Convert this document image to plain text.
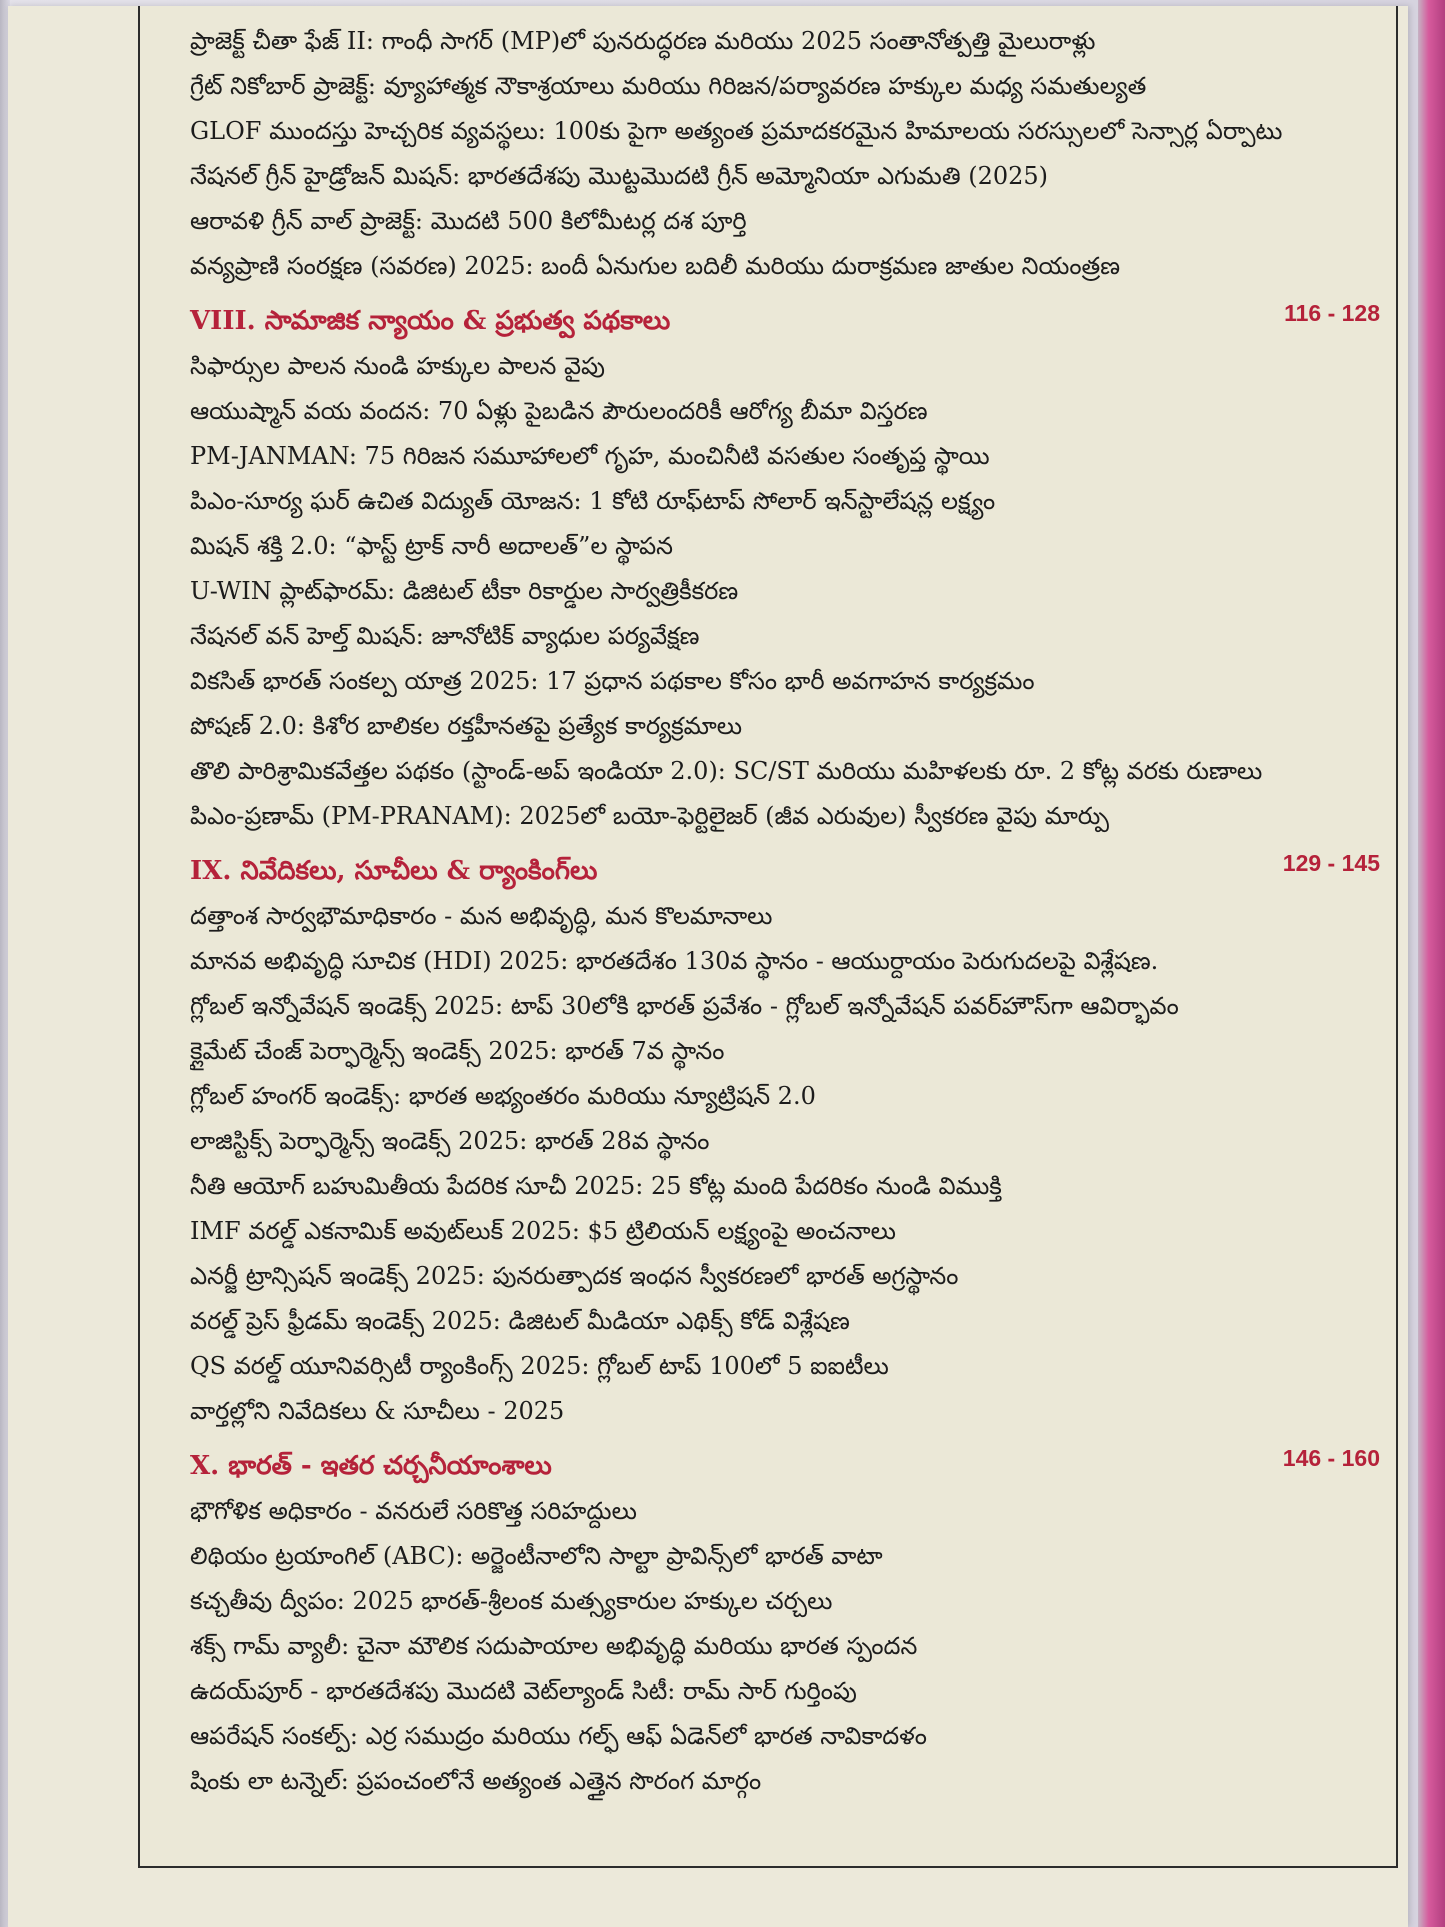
ప్రాజెక్ట్ చీతా ఫేజ్ II: గాంధీ సాగర్ (MP)లో పునరుద్ధరణ మరియు 2025 సంతానోత్పత్తి మైలురాళ్లు
గ్రేట్ నికోబార్ ప్రాజెక్ట్: వ్యూహాత్మక నౌకాశ్రయాలు మరియు గిరిజన/పర్యావరణ హక్కుల మధ్య సమతుల్యత
GLOF ముందస్తు హెచ్చరిక వ్యవస్థలు: 100కు పైగా అత్యంత ప్రమాదకరమైన హిమాలయ సరస్సులలో సెన్సార్ల ఏర్పాటు
నేషనల్ గ్రీన్ హైడ్రోజన్ మిషన్: భారతదేశపు మొట్టమొదటి గ్రీన్ అమ్మోనియా ఎగుమతి (2025)
ఆరావళి గ్రీన్ వాల్ ప్రాజెక్ట్: మొదటి 500 కిలోమీటర్ల దశ పూర్తి
వన్యప్రాణి సంరక్షణ (సవరణ) 2025: బందీ ఏనుగుల బదిలీ మరియు దురాక్రమణ జాతుల నియంత్రణ
VIII. సామాజిక న్యాయం & ప్రభుత్వ పథకాలు	116 - 128
సిఫార్సుల పాలన నుండి హక్కుల పాలన వైపు
ఆయుష్మాన్ వయ వందన: 70 ఏళ్లు పైబడిన పౌరులందరికీ ఆరోగ్య బీమా విస్తరణ
PM-JANMAN: 75 గిరిజన సమూహాలలో గృహ, మంచినీటి వసతుల సంతృప్త స్థాయి
పిఎం-సూర్య ఘర్ ఉచిత విద్యుత్ యోజన: 1 కోటి రూఫ్‌టాప్ సోలార్ ఇన్‌స్టాలేషన్ల లక్ష్యం
మిషన్ శక్తి 2.0: “ఫాస్ట్ ట్రాక్ నారీ అదాలత్”ల స్థాపన
U-WIN ప్లాట్‌ఫారమ్: డిజిటల్ టీకా రికార్డుల సార్వత్రికీకరణ
నేషనల్ వన్ హెల్త్ మిషన్: జూనోటిక్ వ్యాధుల పర్యవేక్షణ
వికసిత్ భారత్ సంకల్ప యాత్ర 2025: 17 ప్రధాన పథకాల కోసం భారీ అవగాహన కార్యక్రమం
పోషణ్ 2.0: కిశోర బాలికల రక్తహీనతపై ప్రత్యేక కార్యక్రమాలు
తొలి పారిశ్రామికవేత్తల పథకం (స్టాండ్-అప్ ఇండియా 2.0): SC/ST మరియు మహిళలకు రూ. 2 కోట్ల వరకు రుణాలు
పిఎం-ప్రణామ్ (PM-PRANAM): 2025లో బయో-ఫెర్టిలైజర్ (జీవ ఎరువుల) స్వీకరణ వైపు మార్పు
IX. నివేదికలు, సూచీలు & ర్యాంకింగ్‌లు	129 - 145
దత్తాంశ సార్వభౌమాధికారం - మన అభివృద్ధి, మన కొలమానాలు
మానవ అభివృద్ధి సూచిక (HDI) 2025: భారతదేశం 130వ స్థానం - ఆయుర్దాయం పెరుగుదలపై విశ్లేషణ.
గ్లోబల్ ఇన్నోవేషన్ ఇండెక్స్ 2025: టాప్ 30లోకి భారత్ ప్రవేశం - గ్లోబల్ ఇన్నోవేషన్ పవర్‌హౌస్‌గా ఆవిర్భావం
క్లైమేట్ చేంజ్ పెర్ఫార్మెన్స్ ఇండెక్స్ 2025: భారత్ 7వ స్థానం
గ్లోబల్ హంగర్ ఇండెక్స్: భారత అభ్యంతరం మరియు న్యూట్రిషన్ 2.0
లాజిస్టిక్స్ పెర్ఫార్మెన్స్ ఇండెక్స్ 2025: భారత్ 28వ స్థానం
నీతి ఆయోగ్ బహుమితీయ పేదరిక సూచీ 2025: 25 కోట్ల మంది పేదరికం నుండి విముక్తి
IMF వరల్డ్ ఎకనామిక్ అవుట్‌లుక్ 2025: $5 ట్రిలియన్ లక్ష్యంపై అంచనాలు
ఎనర్జీ ట్రాన్సిషన్ ఇండెక్స్ 2025: పునరుత్పాదక ఇంధన స్వీకరణలో భారత్ అగ్రస్థానం
వరల్డ్ ప్రెస్ ఫ్రీడమ్ ఇండెక్స్ 2025: డిజిటల్ మీడియా ఎథిక్స్ కోడ్ విశ్లేషణ
QS వరల్డ్ యూనివర్సిటీ ర్యాంకింగ్స్ 2025: గ్లోబల్ టాప్ 100లో 5 ఐఐటీలు
వార్తల్లోని నివేదికలు & సూచీలు - 2025
X. భారత్ - ఇతర చర్చనీయాంశాలు	146 - 160
భౌగోళిక అధికారం - వనరులే సరికొత్త సరిహద్దులు
లిథియం ట్రయాంగిల్ (ABC): అర్జెంటీనాలోని సాల్టా ప్రావిన్స్‌లో భారత్ వాటా
కచ్చతీవు ద్వీపం: 2025 భారత్-శ్రీలంక మత్స్యకారుల హక్కుల చర్చలు
శక్స్ గామ్ వ్యాలీ: చైనా మౌలిక సదుపాయాల అభివృద్ధి మరియు భారత స్పందన
ఉదయ్‌పూర్ - భారతదేశపు మొదటి వెట్‌ల్యాండ్ సిటీ: రామ్ సార్ గుర్తింపు
ఆపరేషన్ సంకల్ప్: ఎర్ర సముద్రం మరియు గల్ఫ్ ఆఫ్ ఏడెన్‌లో భారత నావికాదళం
షింకు లా టన్నెల్: ప్రపంచంలోనే అత్యంత ఎత్తైన సొరంగ మార్గం
